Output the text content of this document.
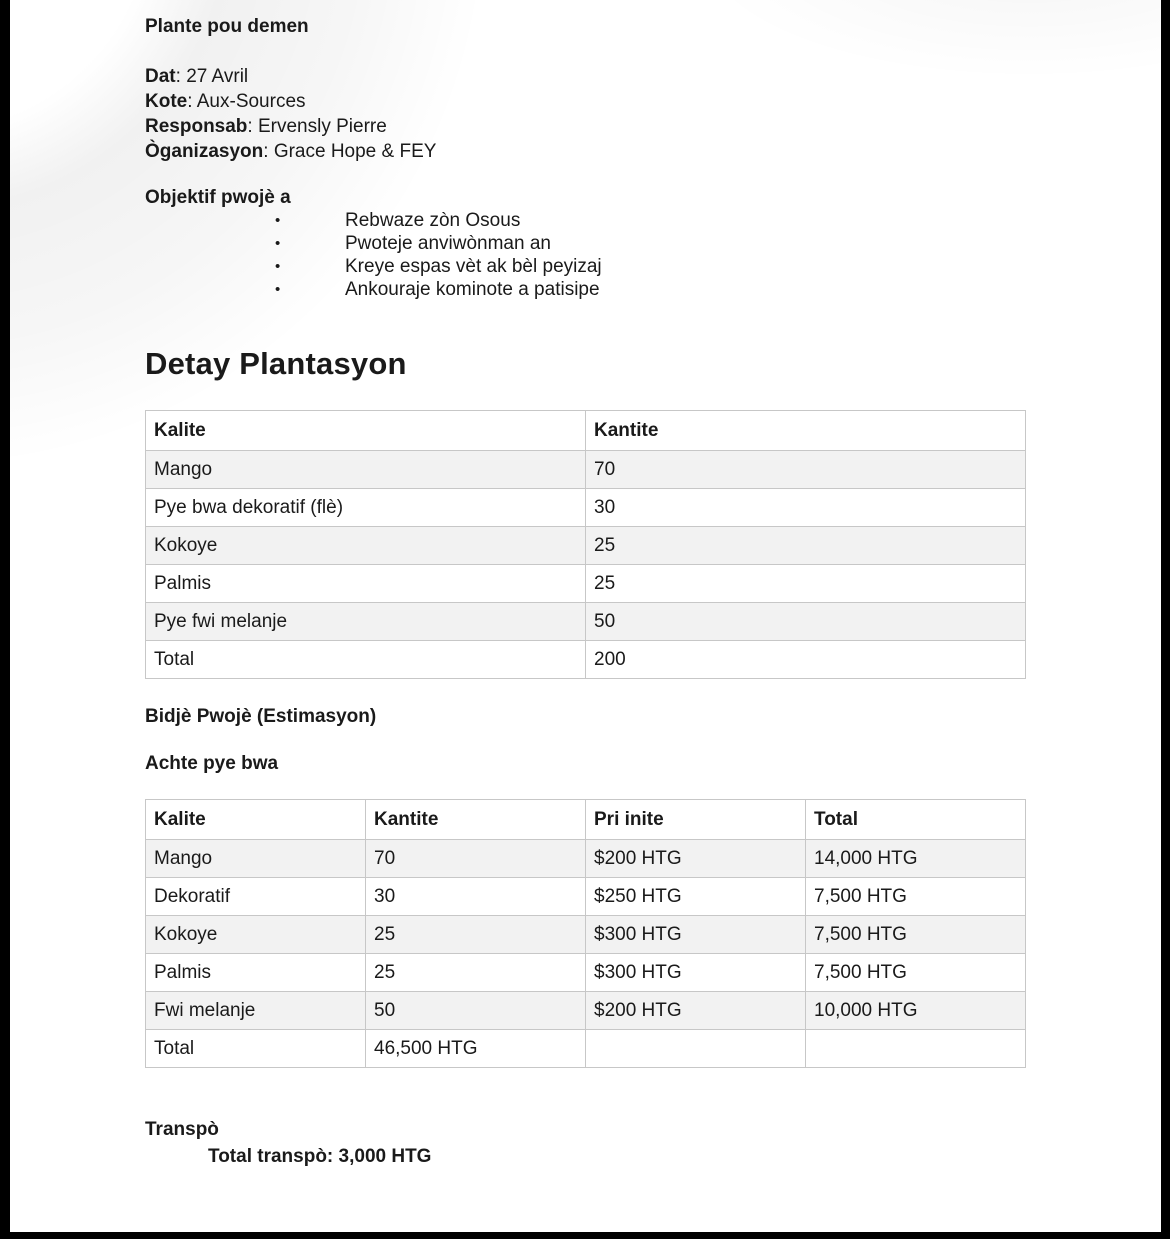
Plante pou demen
Dat: 27 Avril
Kote: Aux-Sources
Responsab: Ervensly Pierre
Òganizasyon: Grace Hope & FEY
Objektif pwojè a
•	Rebwaze zòn Osous
•	Pwoteje anviwònman an
•	Kreye espas vèt ak bèl peyizaj
•	Ankouraje kominote a patisipe
Detay Plantasyon
Kalite	Kantite
Mango	70
Pye bwa dekoratif (flè)	30
Kokoye	25
Palmis	25
Pye fwi melanje	50
Total	200
Bidjè Pwojè (Estimasyon)
Achte pye bwa
Kalite	Kantite	Pri inite	Total
Mango	70	$200 HTG	14,000 HTG
Dekoratif	30	$250 HTG	7,500 HTG
Kokoye	25	$300 HTG	7,500 HTG
Palmis	25	$300 HTG	7,500 HTG
Fwi melanje	50	$200 HTG	10,000 HTG
Total	46,500 HTG		
Transpò
Total transpò: 3,000 HTG
